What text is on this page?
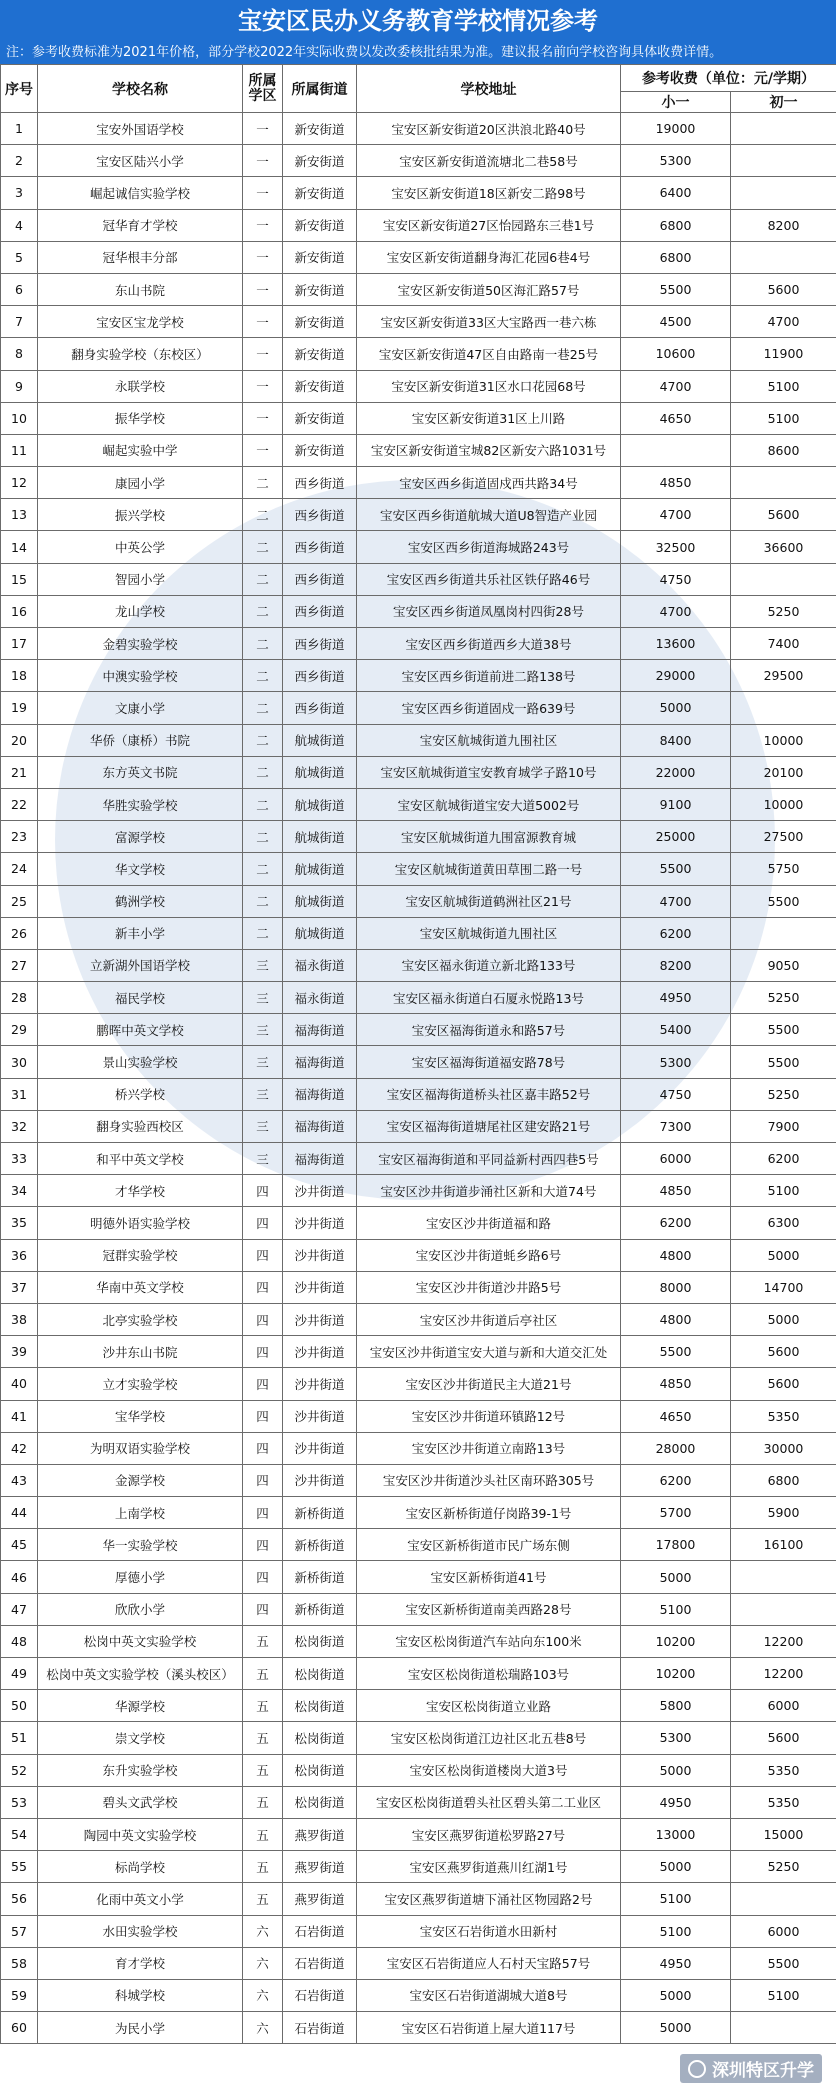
宝安区民办义务教育学校情况参考
注：参考收费标准为2021年价格，部分学校2022年实际收费以发改委核批结果为准。建议报名前向学校咨询具体收费详情。
序号	学校名称	所属学区	所属街道	学校地址	参考收费（单位：元/学期）	
					小一	初一
1	宝安外国语学校	一	新安街道	宝安区新安街道20区洪浪北路40号	19000	
2	宝安区陆兴小学	一	新安街道	宝安区新安街道流塘北二巷58号	5300	
3	崛起诚信实验学校	一	新安街道	宝安区新安街道18区新安二路98号	6400	
4	冠华育才学校	一	新安街道	宝安区新安街道27区怡园路东三巷1号	6800	8200
5	冠华根丰分部	一	新安街道	宝安区新安街道翻身海汇花园6巷4号	6800	
6	东山书院	一	新安街道	宝安区新安街道50区海汇路57号	5500	5600
7	宝安区宝龙学校	一	新安街道	宝安区新安街道33区大宝路西一巷六栋	4500	4700
8	翻身实验学校（东校区）	一	新安街道	宝安区新安街道47区自由路南一巷25号	10600	11900
9	永联学校	一	新安街道	宝安区新安街道31区水口花园68号	4700	5100
10	振华学校	一	新安街道	宝安区新安街道31区上川路	4650	5100
11	崛起实验中学	一	新安街道	宝安区新安街道宝城82区新安六路1031号		8600
12	康园小学	二	西乡街道	宝安区西乡街道固戍西共路34号	4850	
13	振兴学校	二	西乡街道	宝安区西乡街道航城大道U8智造产业园	4700	5600
14	中英公学	二	西乡街道	宝安区西乡街道海城路243号	32500	36600
15	智园小学	二	西乡街道	宝安区西乡街道共乐社区铁仔路46号	4750	
16	龙山学校	二	西乡街道	宝安区西乡街道凤凰岗村四街28号	4700	5250
17	金碧实验学校	二	西乡街道	宝安区西乡街道西乡大道38号	13600	7400
18	中澳实验学校	二	西乡街道	宝安区西乡街道前进二路138号	29000	29500
19	文康小学	二	西乡街道	宝安区西乡街道固戍一路639号	5000	
20	华侨（康桥）书院	二	航城街道	宝安区航城街道九围社区	8400	10000
21	东方英文书院	二	航城街道	宝安区航城街道宝安教育城学子路10号	22000	20100
22	华胜实验学校	二	航城街道	宝安区航城街道宝安大道5002号	9100	10000
23	富源学校	二	航城街道	宝安区航城街道九围富源教育城	25000	27500
24	华文学校	二	航城街道	宝安区航城街道黄田草围二路一号	5500	5750
25	鹤洲学校	二	航城街道	宝安区航城街道鹤洲社区21号	4700	5500
26	新丰小学	二	航城街道	宝安区航城街道九围社区	6200	
27	立新湖外国语学校	三	福永街道	宝安区福永街道立新北路133号	8200	9050
28	福民学校	三	福永街道	宝安区福永街道白石厦永悦路13号	4950	5250
29	鹏晖中英文学校	三	福海街道	宝安区福海街道永和路57号	5400	5500
30	景山实验学校	三	福海街道	宝安区福海街道福安路78号	5300	5500
31	桥兴学校	三	福海街道	宝安区福海街道桥头社区嘉丰路52号	4750	5250
32	翻身实验西校区	三	福海街道	宝安区福海街道塘尾社区建安路21号	7300	7900
33	和平中英文学校	三	福海街道	宝安区福海街道和平同益新村西四巷5号	6000	6200
34	才华学校	四	沙井街道	宝安区沙井街道步涌社区新和大道74号	4850	5100
35	明德外语实验学校	四	沙井街道	宝安区沙井街道福和路	6200	6300
36	冠群实验学校	四	沙井街道	宝安区沙井街道蚝乡路6号	4800	5000
37	华南中英文学校	四	沙井街道	宝安区沙井街道沙井路5号	8000	14700
38	北亭实验学校	四	沙井街道	宝安区沙井街道后亭社区	4800	5000
39	沙井东山书院	四	沙井街道	宝安区沙井街道宝安大道与新和大道交汇处	5500	5600
40	立才实验学校	四	沙井街道	宝安区沙井街道民主大道21号	4850	5600
41	宝华学校	四	沙井街道	宝安区沙井街道环镇路12号	4650	5350
42	为明双语实验学校	四	沙井街道	宝安区沙井街道立南路13号	28000	30000
43	金源学校	四	沙井街道	宝安区沙井街道沙头社区南环路305号	6200	6800
44	上南学校	四	新桥街道	宝安区新桥街道仔岗路39-1号	5700	5900
45	华一实验学校	四	新桥街道	宝安区新桥街道市民广场东侧	17800	16100
46	厚德小学	四	新桥街道	宝安区新桥街道41号	5000	
47	欣欣小学	四	新桥街道	宝安区新桥街道南美西路28号	5100	
48	松岗中英文实验学校	五	松岗街道	宝安区松岗街道汽车站向东100米	10200	12200
49	松岗中英文实验学校（溪头校区）	五	松岗街道	宝安区松岗街道松瑞路103号	10200	12200
50	华源学校	五	松岗街道	宝安区松岗街道立业路	5800	6000
51	崇文学校	五	松岗街道	宝安区松岗街道江边社区北五巷8号	5300	5600
52	东升实验学校	五	松岗街道	宝安区松岗街道楼岗大道3号	5000	5350
53	碧头文武学校	五	松岗街道	宝安区松岗街道碧头社区碧头第二工业区	4950	5350
54	陶园中英文实验学校	五	燕罗街道	宝安区燕罗街道松罗路27号	13000	15000
55	标尚学校	五	燕罗街道	宝安区燕罗街道燕川红湖1号	5000	5250
56	化雨中英文小学	五	燕罗街道	宝安区燕罗街道塘下涌社区物园路2号	5100	
57	水田实验学校	六	石岩街道	宝安区石岩街道水田新村	5100	6000
58	育才学校	六	石岩街道	宝安区石岩街道应人石村天宝路57号	4950	5500
59	科城学校	六	石岩街道	宝安区石岩街道湖城大道8号	5000	5100
60	为民小学	六	石岩街道	宝安区石岩街道上屋大道117号	5000	
深圳特区升学
